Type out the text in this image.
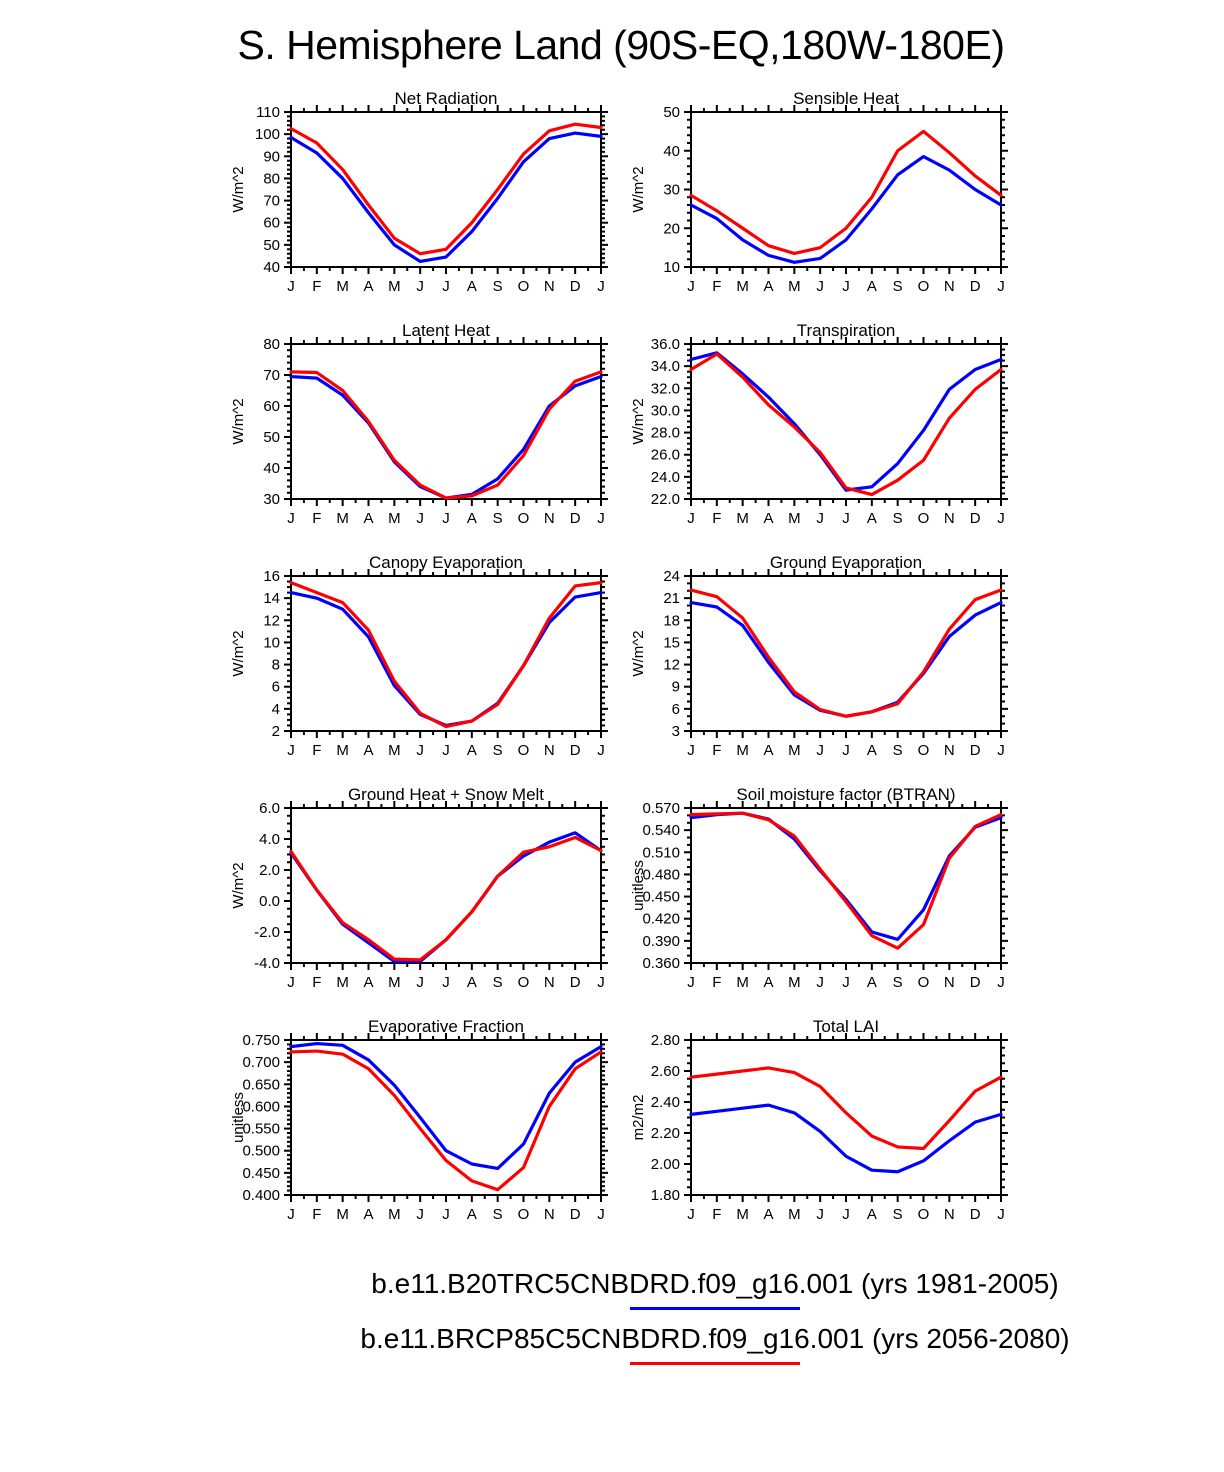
S. Hemisphere Land (90S-EQ,180W-180E)
40
50
60
70
80
90
100
110
J F M A M J J A S O N D J
Net Radiation
W/m^2
10
20
30
40
50
J F M A M J J A S O N D J
Sensible Heat
W/m^2
30
40
50
60
70
80
J F M A M J J A S O N D J
Latent Heat
W/m^2
22.0
24.0
26.0
28.0
30.0
32.0
34.0
36.0
J F M A M J J A S O N D J
Transpiration
W/m^2
2
4
6
8
10
12
14
16
J F M A M J J A S O N D J
Canopy Evaporation
W/m^2
3
6
9
12
15
18
21
24
J F M A M J J A S O N D J
Ground Evaporation
W/m^2
-4.0
-2.0
0.0
2.0
4.0
6.0
J F M A M J J A S O N D J
Ground Heat + Snow Melt
W/m^2
0.360
0.390
0.420
0.450
0.480
0.510
0.540
0.570
J F M A M J J A S O N D J
Soil moisture factor (BTRAN)
unitless
0.400
0.450
0.500
0.550
0.600
0.650
0.700
0.750
J F M A M J J A S O N D J
Evaporative Fraction
unitless
1.80
2.00
2.20
2.40
2.60
2.80
J F M A M J J A S O N D J
Total LAI
m2/m2
b.e11.B20TRC5CNBDRD.f09_g16.001 (yrs 1981-2005)
b.e11.BRCP85C5CNBDRD.f09_g16.001 (yrs 2056-2080)
